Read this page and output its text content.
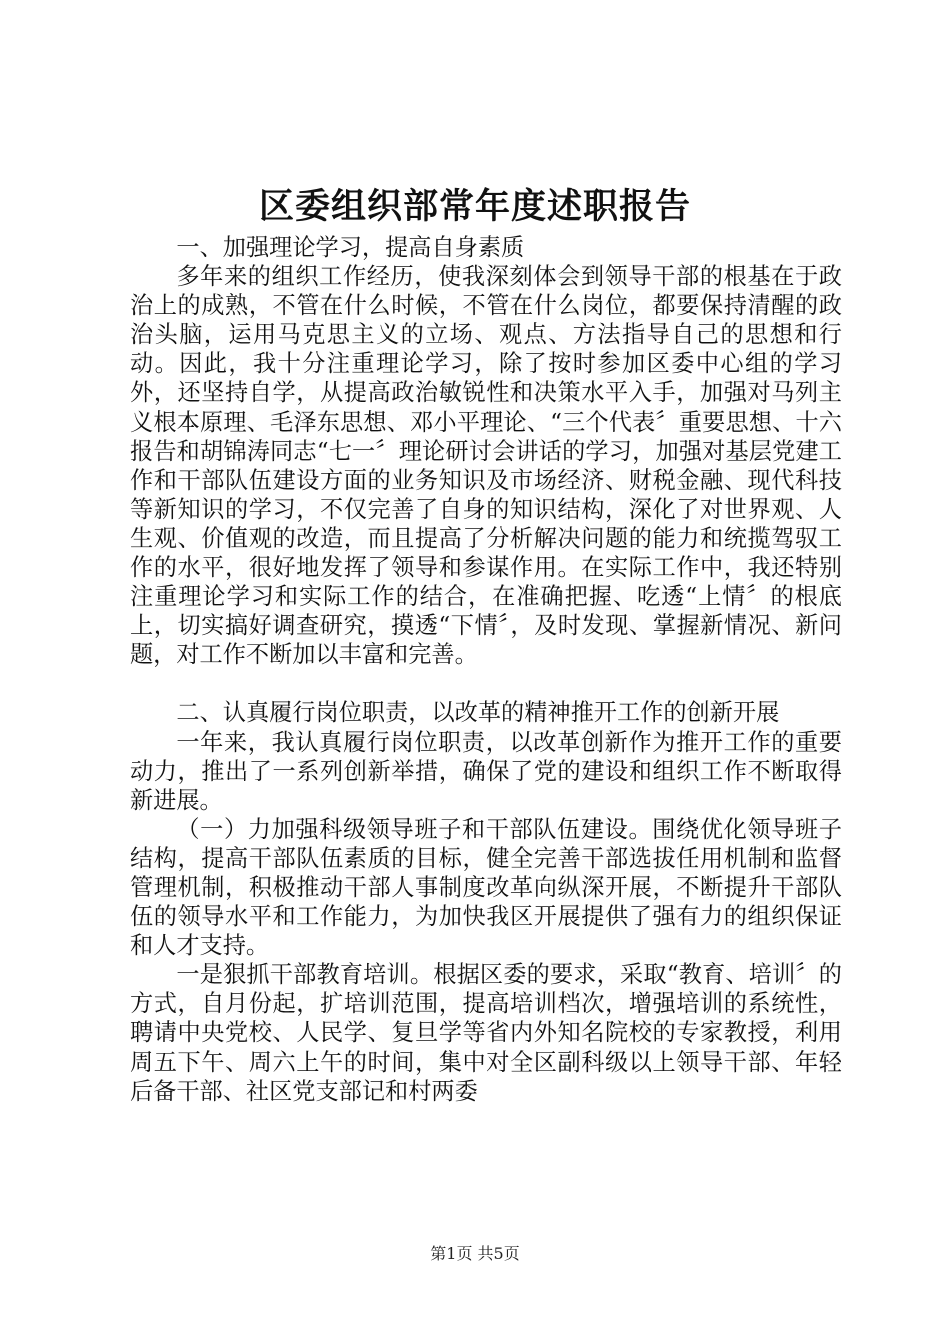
区委组织部常年度述职报告

一、加强理论学习，提高自身素质

多年来的组织工作经历，使我深刻体会到领导干部的根基在于政治上的成熟，不管在什么时候，不管在什么岗位，都要保持清醒的政治头脑，运用马克思主义的立场、观点、方法指导自己的思想和行动。因此，我十分注重理论学习，除了按时参加区委中心组的学习外，还坚持自学，从提高政治敏锐性和决策水平入手，加强对马列主义根本原理、毛泽东思想、邓小平理论、“三个代表〞重要思想、十六报告和胡锦涛同志“七一〞理论研讨会讲话的学习，加强对基层党建工作和干部队伍建设方面的业务知识及市场经济、财税金融、现代科技等新知识的学习，不仅完善了自身的知识结构，深化了对世界观、人生观、价值观的改造，而且提高了分析解决问题的能力和统揽驾驭工作的水平，很好地发挥了领导和参谋作用。在实际工作中，我还特别注重理论学习和实际工作的结合，在准确把握、吃透“上情〞的根底上，切实搞好调查研究，摸透“下情〞，及时发现、掌握新情况、新问题，对工作不断加以丰富和完善。

二、认真履行岗位职责，以改革的精神推开工作的创新开展

一年来，我认真履行岗位职责，以改革创新作为推开工作的重要动力，推出了一系列创新举措，确保了党的建设和组织工作不断取得新进展。

（一）力加强科级领导班子和干部队伍建设。围绕优化领导班子结构，提高干部队伍素质的目标，健全完善干部选拔任用机制和监督管理机制，积极推动干部人事制度改革向纵深开展，不断提升干部队伍的领导水平和工作能力，为加快我区开展提供了强有力的组织保证和人才支持。

一是狠抓干部教育培训。根据区委的要求，采取“教育、培训〞的方式，自月份起，扩培训范围，提高培训档次，增强培训的系统性，聘请中央党校、人民学、复旦学等省内外知名院校的专家教授，利用周五下午、周六上午的时间，集中对全区副科级以上领导干部、年轻后备干部、社区党支部记和村两委

第1页 共5页
